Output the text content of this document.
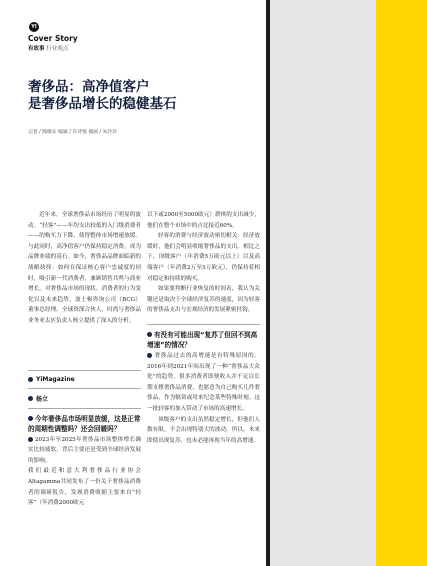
YI
Cover Story
有故事 行业观点
奢侈品：高净值客户
是奢侈品增长的稳健基石
记者 / 陶歌东 编辑 / 许诗悦 插画 / 朱玲玲

近年来，全球奢侈品市场经历了明显的波动。“轻客”——年均支出较低的入门级消费者——的购买力下降，使得整体市场增速放缓。与此同时，高净值客户仍保持稳定消费，成为品牌业绩的基石。如今，奢侈品品牌面临新的战略抉择：如何在保证核心客户忠诚度的同时，吸引新一代消费者，兼顾销售共鸣与商业增长。对奢侈品市场的现状、消费者的行为变化以及未来趋势，波士顿咨询公司（BCG）董事总经理、全球资深合伙人、时尚与奢侈品业务亚太区负责人杨立提供了深入的分析。

YiMagazine

杨立

今年奢侈品市场明显放缓，这是正常的周期性调整吗？还会回暖吗？

2023年至2025年奢侈品市场整体增长确实比较疲软，背后主要还是受到全球经济发展的影响。

我们最近和意大利奢侈品行业协会Altagamma共同发布了一份关于奢侈品消费者的调研报告，发现消费收缩主要来自“轻客”（年消费2000欧元

以下或2000至5000欧元）群体的支出减少，他们在整个市场中的占比接近60%。

轻客的消费与经济波动密切相关：经济放缓时，他们会明显收缩奢侈品的支出。相比之下，顶级客户（年消费5万欧元以上）以及高端客户（年消费2万至5万欧元），仍保持着相对稳定和持续的购买。

如果要判断行业恢复的时间表，我认为关键还是取决于全球经济复苏的速度，因为轻客的奢侈品支出与宏观经济的发展紧密挂钩。

有没有可能出现“复苏了但回不到高增速”的情况？

奢侈品过去的高增速是有特殊原因的。2016年到2021年间出现了一种“奢侈品大众化”的趋势，很多消费者即便收入并不足以长期支撑奢侈品消费，也愿意为自己购买几件奢侈品，作为犒赏或用来纪念某些特殊时刻。这一批轻客的加入带动了市场的高速增长。

顶级客户的支出虽然稳定增长，但他们人数有限，不会出现特别大的波动。所以，未来即使出现复苏，也未必能再现当年的高增速。
